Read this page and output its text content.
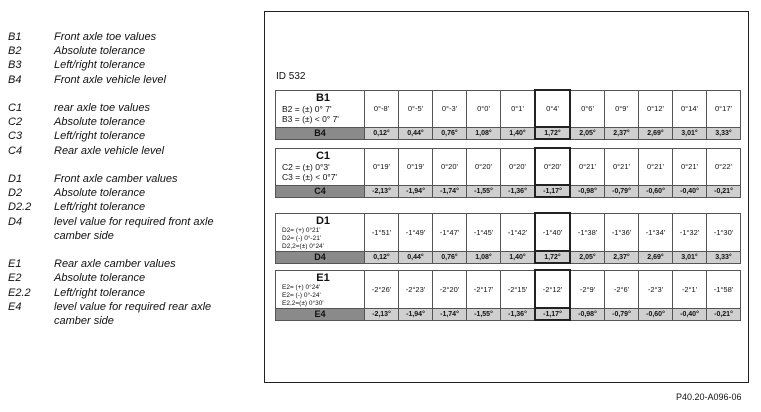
B1	Front axle toe values
B2	Absolute tolerance
B3	Left/right tolerance
B4	Front axle vehicle level
C1	rear axle toe values
C2	Absolute tolerance
C3	Left/right tolerance
C4	Rear axle vehicle level
D1	Front axle camber values
D2	Absolute tolerance
D2.2	Left/right tolerance
D4	level value for required front axle camber side
E1	Rear axle camber values
E2	Absolute tolerance
E2.2	Left/right tolerance
E4	level value for required rear axle camber side
ID 532
B1
B2 = (±) 0° 7'
B3 = (±) < 0° 7'	0°-8'	0°-5'	0°-3'	0°0'	0°1'	0°4'	0°6'	0°9'	0°12'	0°14'	0°17'
B4	0,12°	0,44°	0,76°	1,08°	1,40°	1,72°	2,05°	2,37°	2,69°	3,01°	3,33°
C1
C2 = (±) 0°3'
C3 = (±) < 0°7'	0°19'	0°19'	0°20'	0°20'	0°20'	0°20'	0°21'	0°21'	0°21'	0°21'	0°22'
C4	-2,13°	-1,94°	-1,74°	-1,55°	-1,36°	-1,17°	-0,98°	-0,79°	-0,60°	-0,40°	-0,21°
D1
D2= (+) 0°21'
D2= (-) 0°-21'
D2,2=(±) 0°24'	-1°51'	-1°49'	-1°47'	-1°45'	-1°42'	-1°40'	-1°38'	-1°36'	-1°34'	-1°32'	-1°30'
D4	0,12°	0,44°	0,76°	1,08°	1,40°	1,72°	2,05°	2,37°	2,69°	3,01°	3,33°
E1
E2= (+) 0°24'
E2= (-) 0°-24'
E2,2=(±) 0°30'	-2°26'	-2°23'	-2°20'	-2°17'	-2°15'	-2°12'	-2°9'	-2°6'	-2°3'	-2°1'	-1°58'
E4	-2,13°	-1,94°	-1,74°	-1,55°	-1,36°	-1,17°	-0,98°	-0,79°	-0,60°	-0,40°	-0,21°
P40.20-A096-06
